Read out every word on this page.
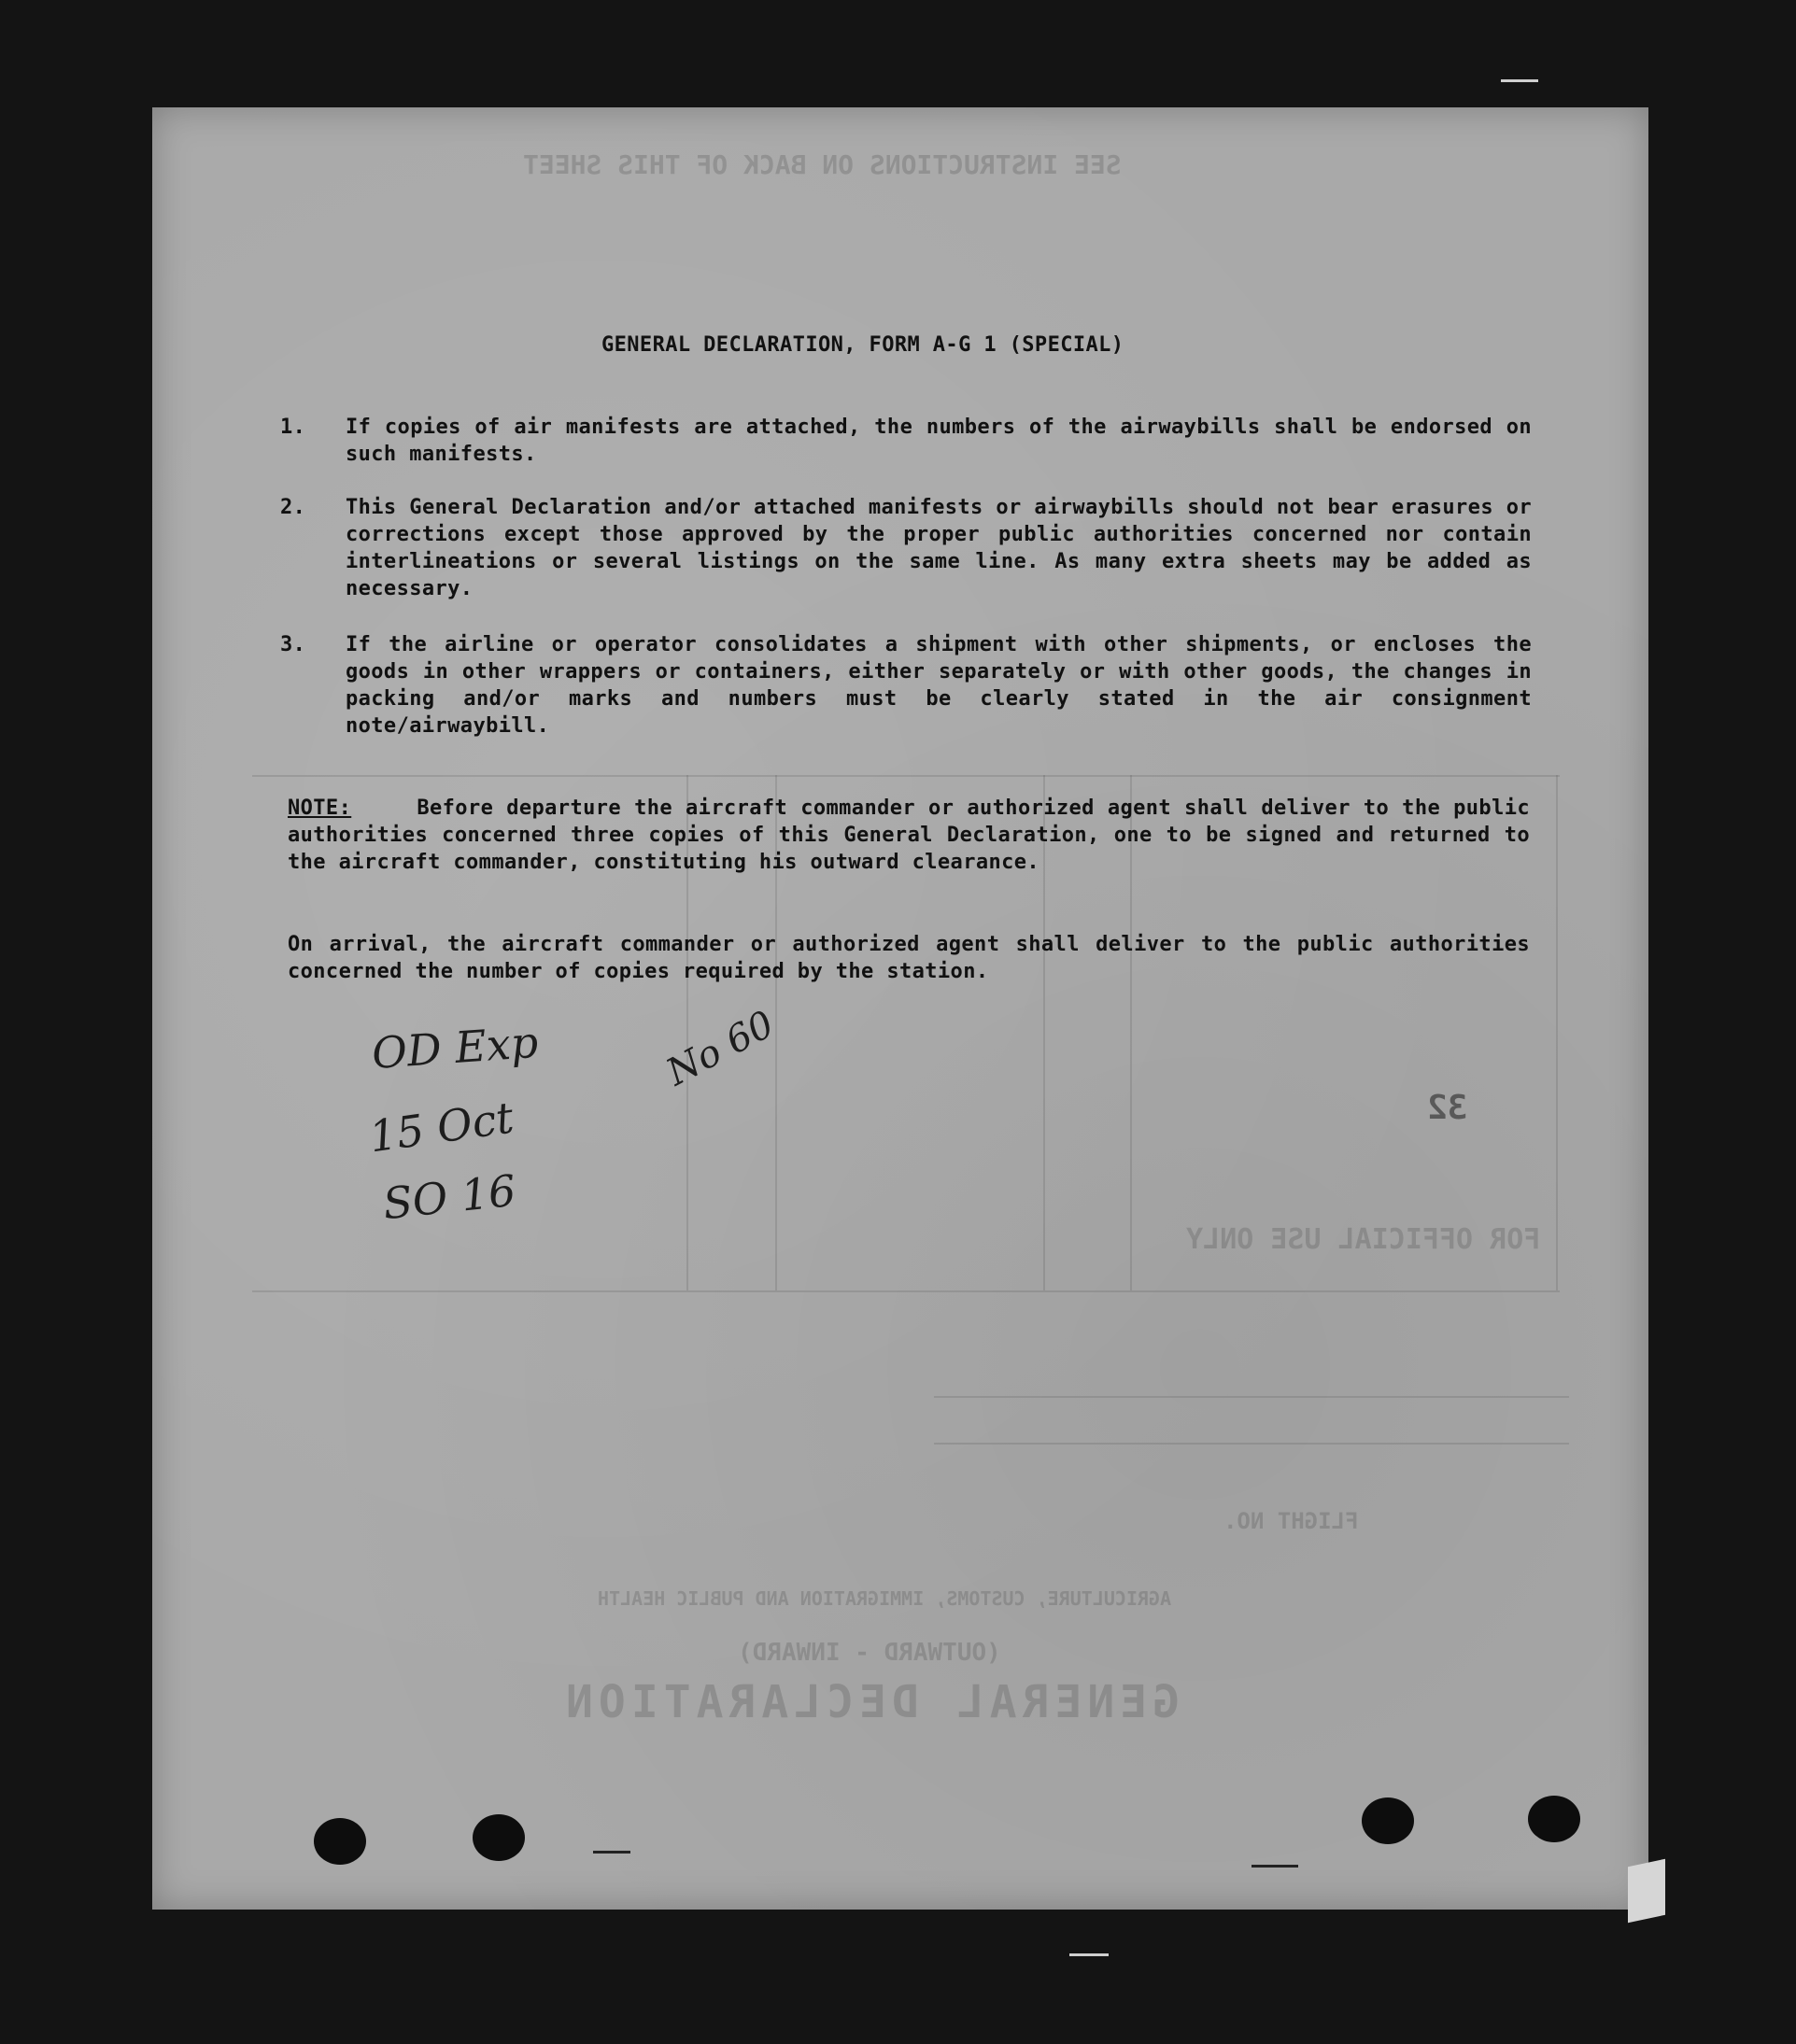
SEE INSTRUCTIONS ON BACK OF THIS SHEET
FOR OFFICIAL USE ONLY
GENERAL DECLARATION
(OUTWARD - INWARD)
AGRICULTURE, CUSTOMS, IMMIGRATION AND PUBLIC HEALTH
FLIGHT NO.
32
GENERAL DECLARATION, FORM A-G 1 (SPECIAL)
1. If copies of air manifests are attached, the numbers of the airwaybills shall be endorsed on such manifests.
2. This General Declaration and/or attached manifests or airwaybills should not bear erasures or corrections except those approved by the proper public authorities concerned nor contain interlineations or several listings on the same line. As many extra sheets may be added as necessary.
3. If the airline or operator consolidates a shipment with other shipments, or encloses the goods in other wrappers or containers, either separately or with other goods, the changes in packing and/or marks and numbers must be clearly stated in the air consignment note/airwaybill.
NOTE:	Before departure the aircraft commander or authorized agent shall deliver to the public authorities concerned three copies of this General Declaration, one to be signed and returned to the aircraft commander, constituting his outward clearance.
On arrival, the aircraft commander or authorized agent shall deliver to the public authorities concerned the number of copies required by the station.
OD Exp
15 Oct
SO 16
No 60
